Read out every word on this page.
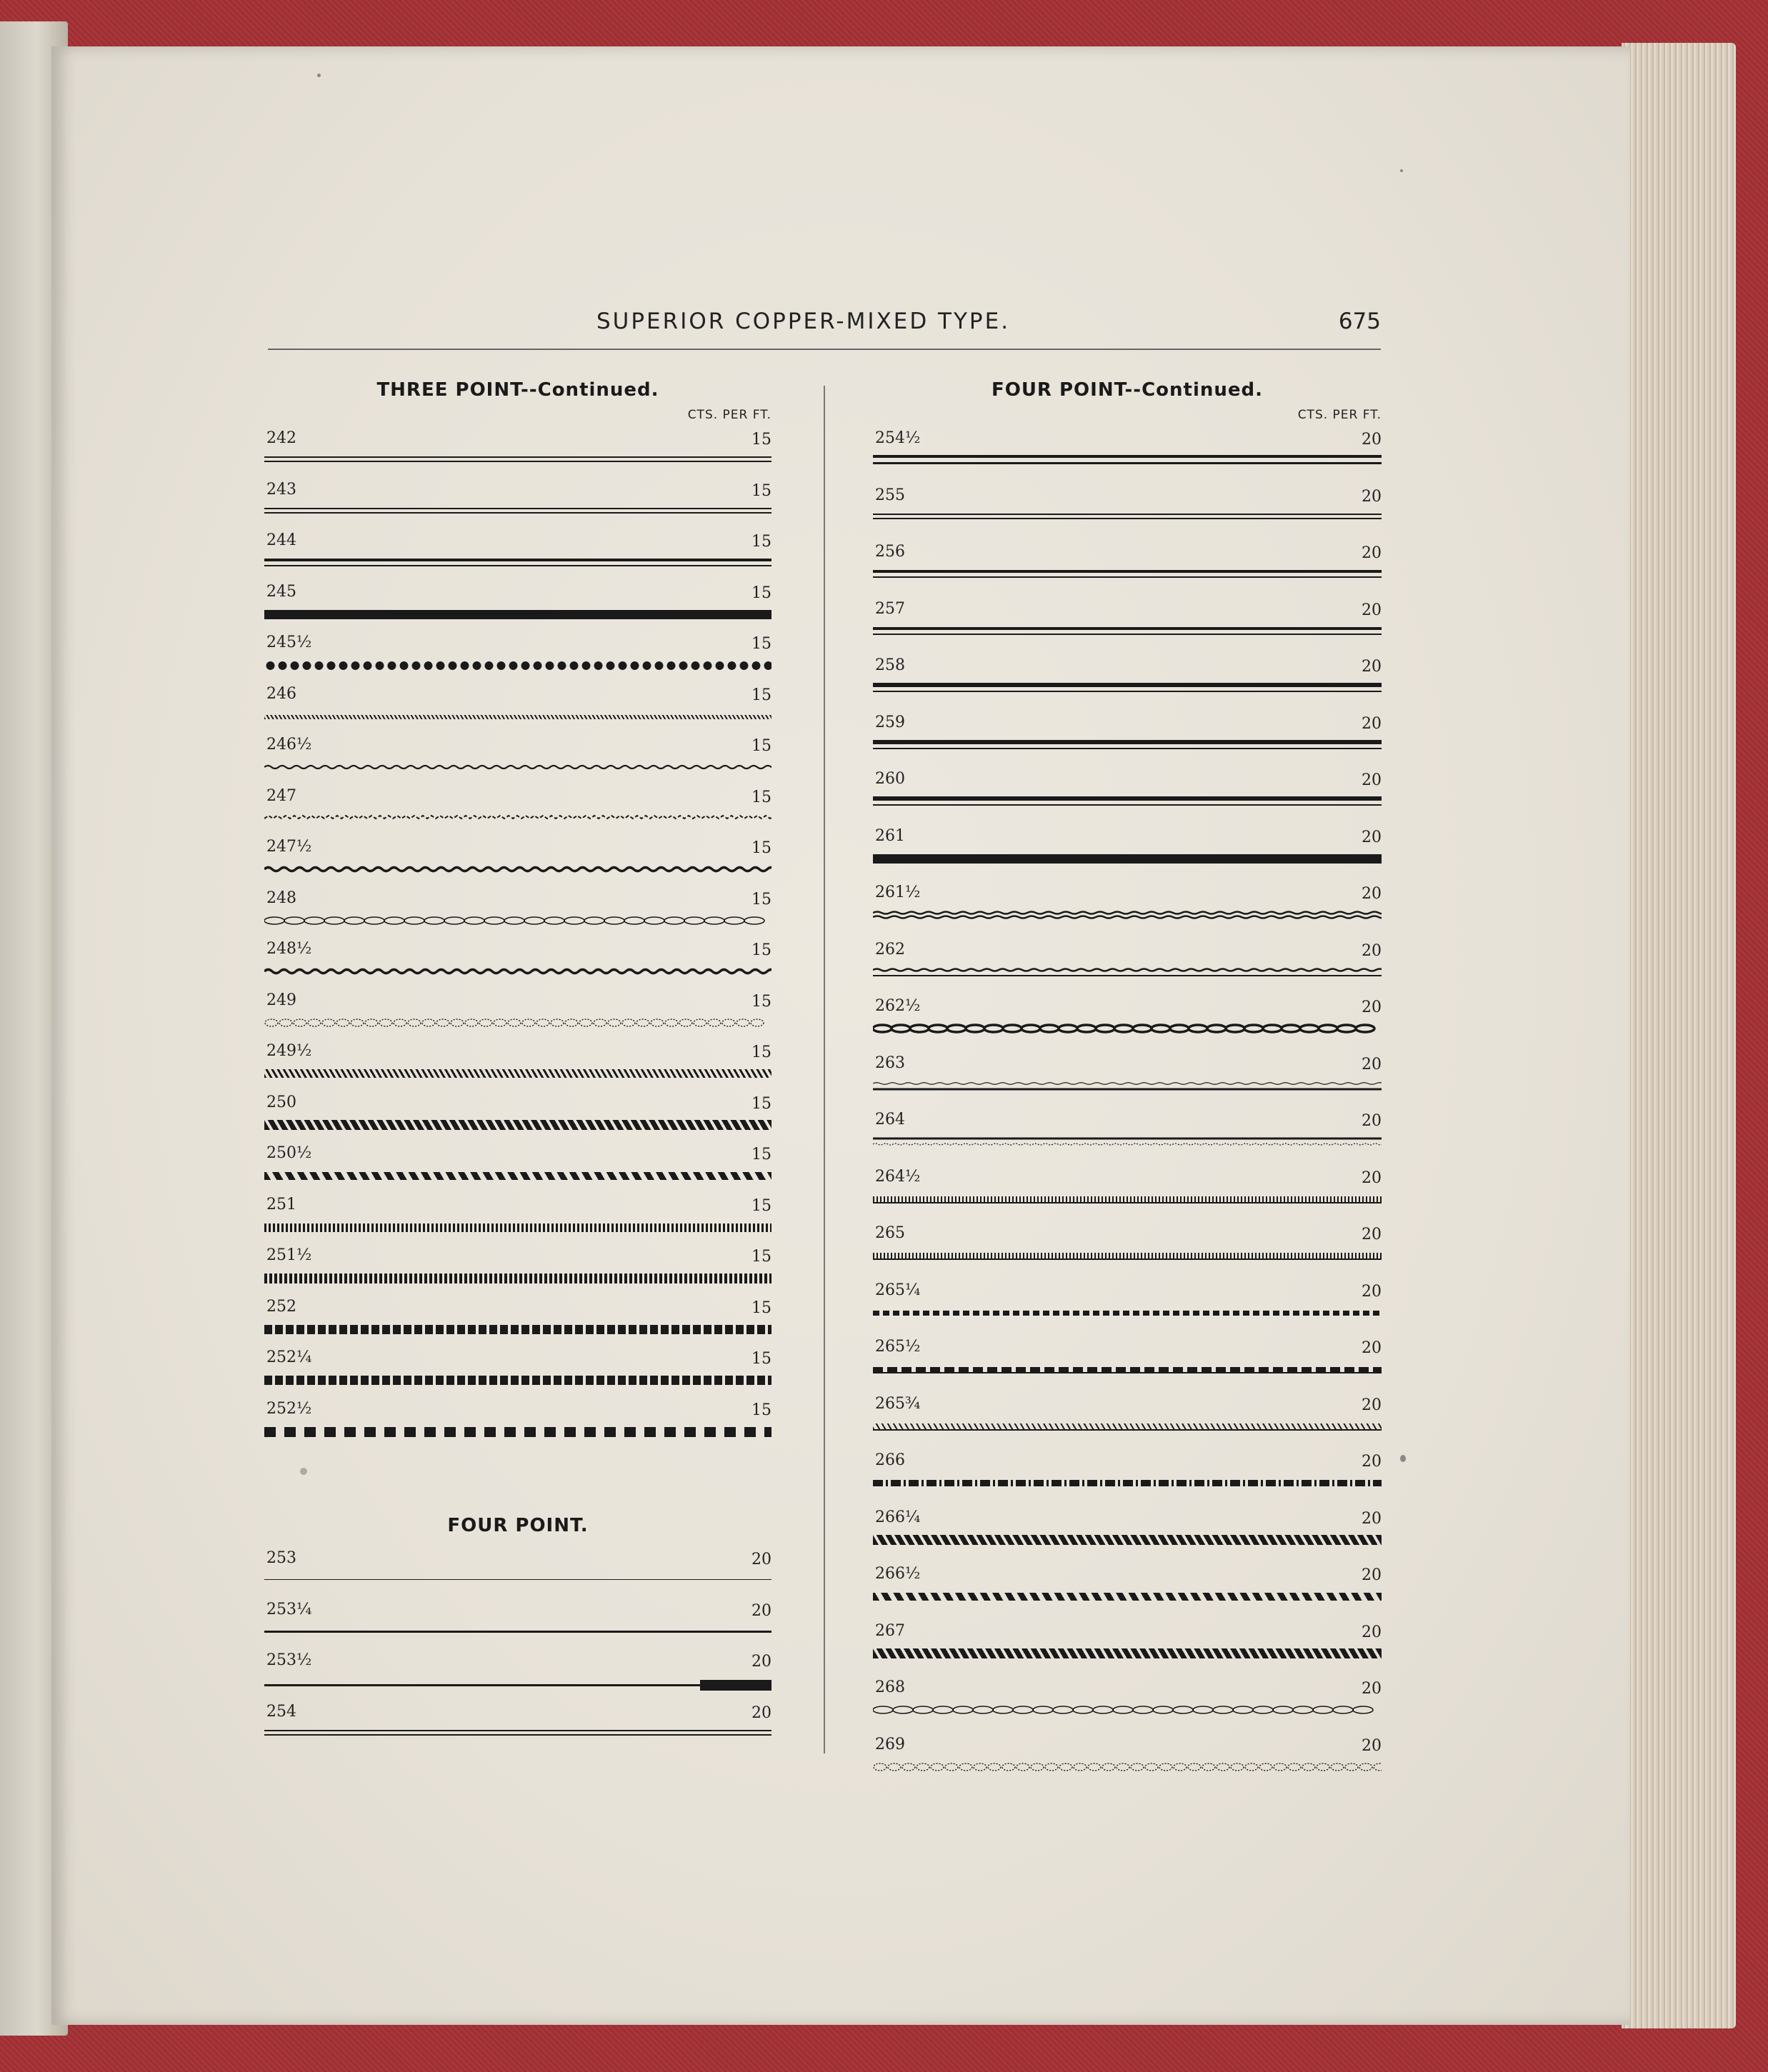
SUPERIOR COPPER-MIXED TYPE.	675
THREE POINT--Continued.
CTS. PER FT.
242	15
243	15
244	15
245	15
245½	15
246	15
246½	15
247	15
247½	15
248	15
248½	15
249	15
249½	15
250	15
250½	15
251	15
251½	15
252	15
252¼	15
252½	15
FOUR POINT.
253	20
253¼	20
253½	20
254	20
FOUR POINT--Continued.
CTS. PER FT.
254½	20
255	20
256	20
257	20
258	20
259	20
260	20
261	20
261½	20
262	20
262½	20
263	20
264	20
264½	20
265	20
265¼	20
265½	20
265¾	20
266	20
266¼	20
266½	20
267	20
268	20
269	20
